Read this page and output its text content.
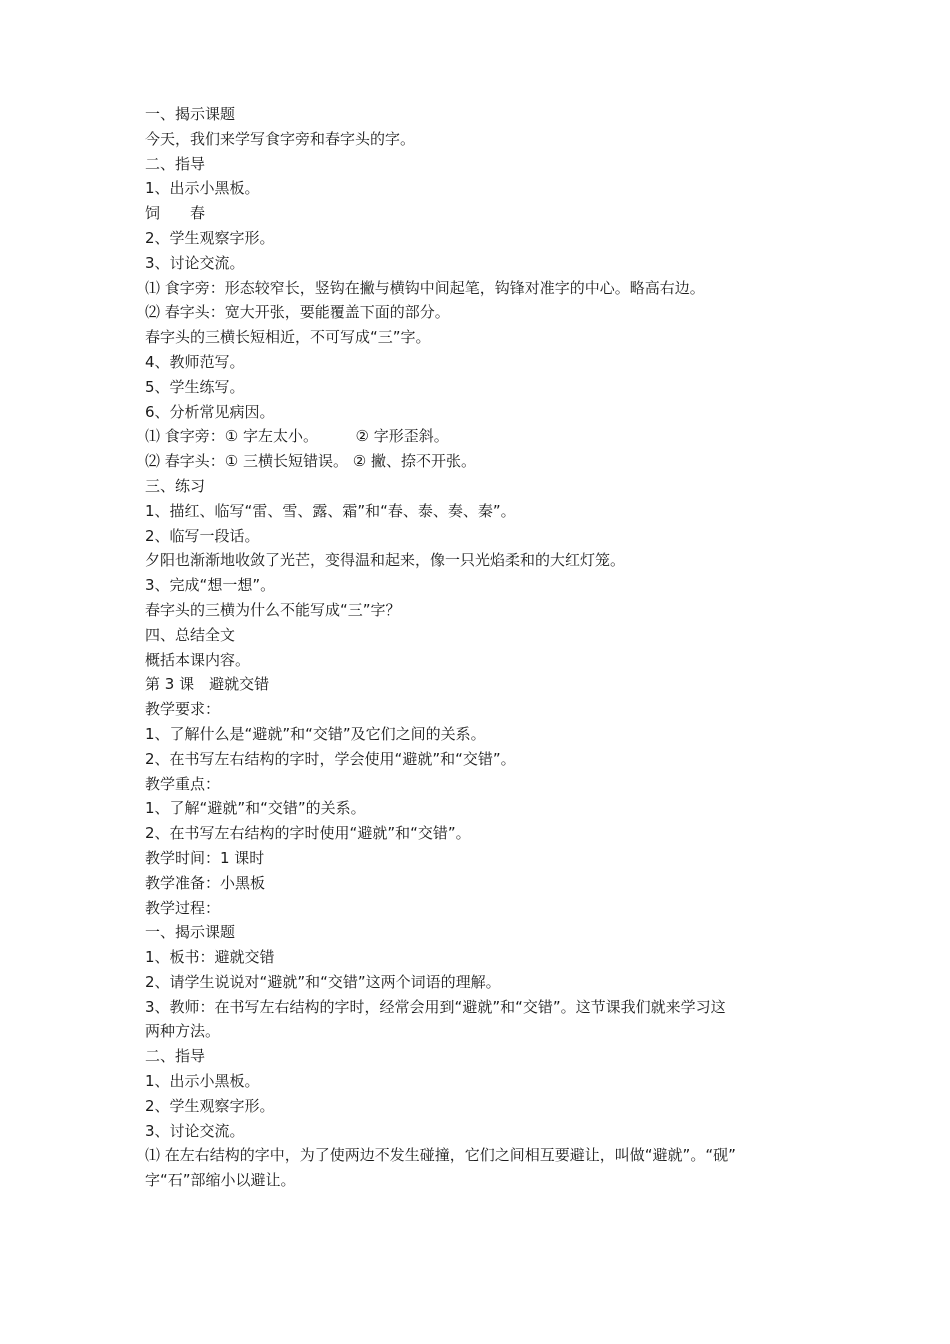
一、揭示课题
今天，我们来学写食字旁和春字头的字。
二、指导
1、出示小黑板。
饲　　春
2、学生观察字形。
3、讨论交流。
⑴ 食字旁：形态较窄长，竖钩在撇与横钩中间起笔，钩锋对准字的中心。略高右边。
⑵ 春字头：宽大开张，要能覆盖下面的部分。
春字头的三横长短相近，不可写成“三”字。
4、教师范写。
5、学生练写。
6、分析常见病因。
⑴ 食字旁：① 字左太小。　　　② 字形歪斜。
⑵ 春字头：① 三横长短错误。 ② 撇、捺不开张。
三、练习
1、描红、临写“雷、雪、露、霜”和“春、泰、奏、秦”。
2、临写一段话。
夕阳也渐渐地收敛了光芒，变得温和起来，像一只光焰柔和的大红灯笼。
3、完成“想一想”。
春字头的三横为什么不能写成“三”字？
四、总结全文
概括本课内容。
第 3 课　避就交错
教学要求：
1、了解什么是“避就”和“交错”及它们之间的关系。
2、在书写左右结构的字时，学会使用“避就”和“交错”。
教学重点：
1、了解“避就”和“交错”的关系。
2、在书写左右结构的字时使用“避就”和“交错”。
教学时间：1 课时
教学准备：小黑板
教学过程：
一、揭示课题
1、板书：避就交错
2、请学生说说对“避就”和“交错”这两个词语的理解。
3、教师：在书写左右结构的字时，经常会用到“避就”和“交错”。这节课我们就来学习这
两种方法。
二、指导
1、出示小黑板。
2、学生观察字形。
3、讨论交流。
⑴ 在左右结构的字中，为了使两边不发生碰撞，它们之间相互要避让，叫做“避就”。“砚”
字“石”部缩小以避让。
